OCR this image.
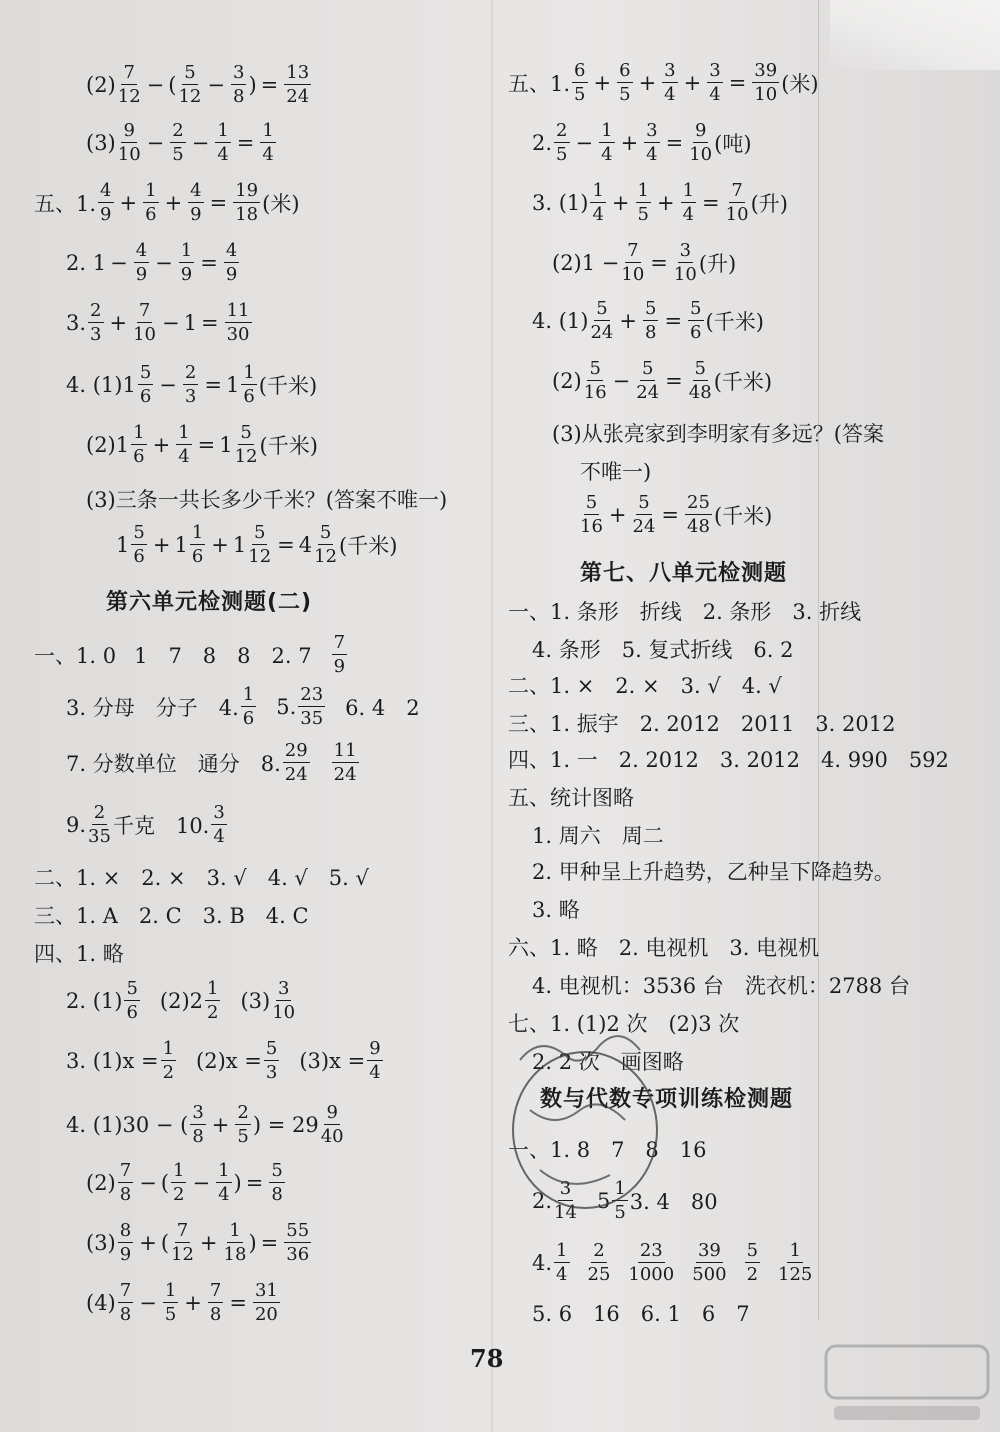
(2)
7
12 − (
5
$12 - \frac{3}{8}$ ) = $\frac{13}{24}$
(3)
9
$10 - \frac{2}{5} - \frac{1}{4} = \frac{1}{4}$
五、1.
4
$9 + \frac{1}{6} + \frac{4}{9} = \frac{19}{18}$ (米)
2. $1 - \frac{4}{9} - \frac{1}{9} = \frac{4}{9}$
3.
2
$3 + \frac{7}{10} - 1 = \frac{11}{30}$
4. (1) 1
5
$6 - \frac{2}{3} = 1$
1
6 (千米)
(2) 1
1
$6 + \frac{1}{4} = 1$
5
12 (千米)
(3)三条一共长多少千米？(答案不唯一)
1
5
6 + 1
1
$6 + 1 \frac{5}{12} = 4$
5
12 (千米)
第六单元检测题(二)
一、1. 0 1　7　8　8　2. 7
7
9
3. 分母　分子　4.
1
6 5.
23
35 6. 4　2
7. 分数单位　通分　8.
29
24
11
24
9.
2
35 千克　10.
3
4
二、1. ×　2. ×　3. √　4. √　5. √
三、1. A　2. C　3. B　4. C
四、1. 略
2. (1)
5
6 (2)2
1
2 (3)
3
10
3. $(1)x = \frac{1}{2} (2)x = \frac{5}{3} (3)x = \frac{9}{4}$
4. (1)30 − (
3
$8 + \frac{2}{5}$ ) = 29
9
40
(2)
7
8 − (
1
$2 - \frac{1}{4}$ ) = $\frac{5}{8}$
(3)
8
9 + (
7
$12 + \frac{1}{18}$ ) = $\frac{55}{36}$
(4)
7
$8 - \frac{1}{5} + \frac{7}{8} = \frac{31}{20}$
五、1.
6
$5 + \frac{6}{5} + \frac{3}{4} + \frac{3}{4} = \frac{39}{10}$ (米)
2.
2
$5 - \frac{1}{4} + \frac{3}{4} = \frac{9}{10}$ (吨)
3. (1)
1
$4 + \frac{1}{5} + \frac{1}{4} = \frac{7}{10}$ (升)
$(2)1 - \frac{7}{10} = \frac{3}{10}$ (升)
4. (1)
5
$24 + \frac{5}{8} = \frac{5}{6}$ (千米)
(2)
5
$16 - \frac{5}{24} = \frac{5}{48}$ (千米)
(3)从张亮家到李明家有多远？(答案
不唯一)
5
$16 + \frac{5}{24} = \frac{25}{48}$ (千米)
第七、八单元检测题
一、1. 条形　折线　2. 条形　3. 折线
4. 条形　5. 复式折线　6. 2
二、1. ×　2. ×　3. √　4. √
三、1. 振宇　2. 2012　2011　3. 2012
四、1. 一　2. 2012　3. 2012　4. 990　592
五、统计图略
1. 周六　周二
2. 甲种呈上升趋势，乙种呈下降趋势。
3. 略
六、1. 略　2. 电视机　3. 电视机
4. 电视机：3536 台　洗衣机：2788 台
七、1. (1)2 次　(2)3 次
2. 2 次　画图略
数与代数专项训练检测题
一、1. 8　7　8　16
2.
3
14 5
1
5 3. 4　80
4.
1
4
2
25
23
1000
39
500
5
2
1
125
5. 6　16　6. 1　6　7
78
